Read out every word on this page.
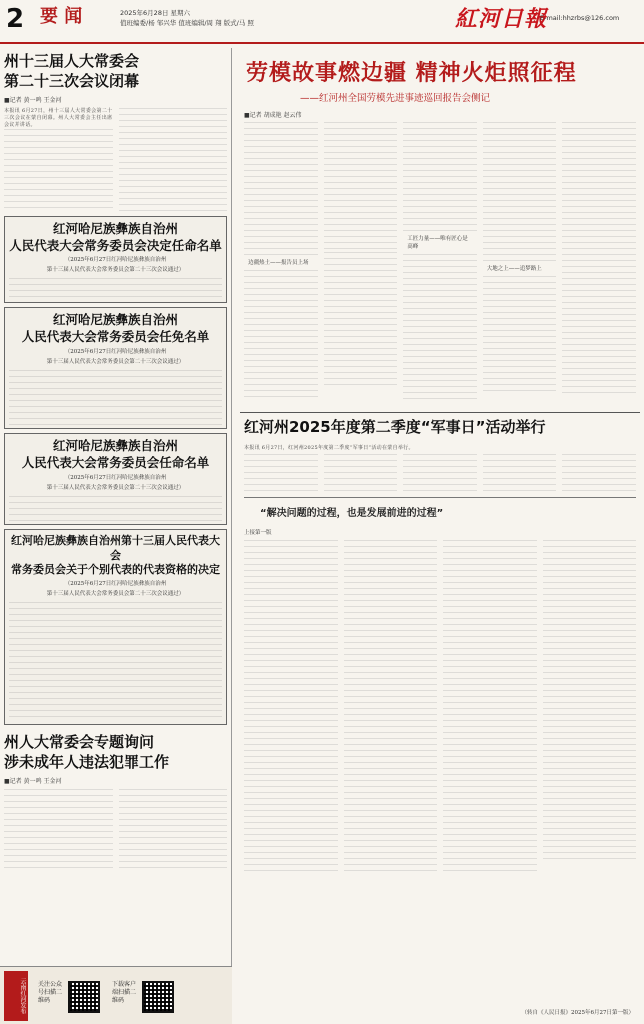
2 要 闻	2025年6月28日 星期六
值班编委/杨 邹兴华 值班编辑/周 翔 版式/马 照	紅河日報
E-mail:hhzrbs@126.com
州十三届人大常委会
第二十三次会议闭幕
■记者 黄一鸣 王金河
本报讯 6月27日，州十三届人大常委会第二十三次会议在蒙自闭幕。州人大常委会主任出席会议并讲话。
红河哈尼族彝族自治州
人民代表大会常务委员会决定任命名单
（2025年6月27日红河哈尼族彝族自治州
第十三届人民代表大会常务委员会第二十三次会议通过）
红河哈尼族彝族自治州
人民代表大会常务委员会任免名单
（2025年6月27日红河哈尼族彝族自治州
第十三届人民代表大会常务委员会第二十三次会议通过）
红河哈尼族彝族自治州
人民代表大会常务委员会任命名单
（2025年6月27日红河哈尼族彝族自治州
第十三届人民代表大会常务委员会第二十三次会议通过）
红河哈尼族彝族自治州第十三届人民代表大会
常务委员会关于个别代表的代表资格的决定
（2025年6月27日红河哈尼族彝族自治州
第十三届人民代表大会常务委员会第二十三次会议通过）
州人大常委会专题询问
涉未成年人违法犯罪工作
■记者 黄一鸣 王金河
云南红河发布	关注公众号扫描二维码
下载客户端扫描二维码
劳模故事燃边疆 精神火炬照征程
——红河州全国劳模先进事迹巡回报告会侧记
■记者 胡成艳 赵云伟
边疆热土——报告员上场
工匠力量——唯有匠心是高峰
大地之上——追梦路上
红河州2025年度第二季度“军事日”活动举行
本报讯 6月27日，红河州2025年度第二季度“军事日”活动在蒙自举行。
“解决问题的过程，也是发展前进的过程”
上接第一版
（转自《人民日报》2025年6月27日第一版）
